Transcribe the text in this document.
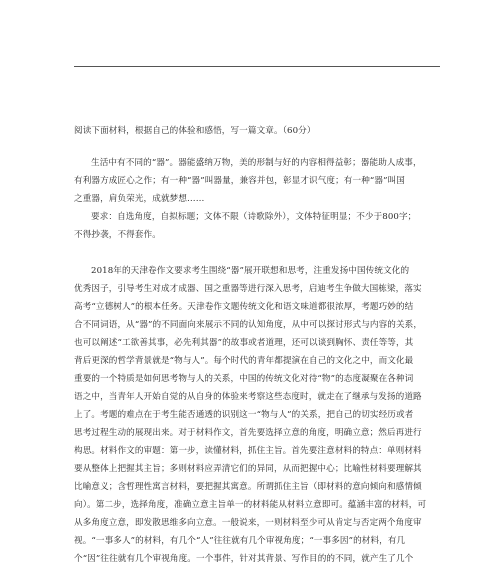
阅读下面材料，根据自己的体验和感悟，写一篇文章。（60分）
生活中有不同的“器”。器能盛纳万物，美的形制与好的内容相得益彰；器能助人成事，
有利器方成匠心之作；有一种“器”叫器量，兼容并包，彰显才识气度；有一种“器”叫国
之重器，肩负荣光，成就梦想……
要求：自选角度，自拟标题；文体不限（诗歌除外），文体特征明显；不少于800字；
不得抄袭，不得套作。
2018年的天津卷作文要求考生围绕“器”展开联想和思考，注重发扬中国传统文化的
优秀因子，引导考生对成才成器、国之重器等进行深入思考，启迪考生争做大国栋梁，落实
高考“立德树人”的根本任务。天津卷作文题传统文化和语文味道都很浓厚，考题巧妙的结
合不同词语，从“器”的不同面向来展示不同的认知角度，从中可以探讨形式与内容的关系，
也可以阐述“工欲善其事，必先利其器”的故事或者道理，还可以谈到胸怀、责任等等，其
背后更深的哲学背景就是“物与人”。每个时代的青年都提演在自己的文化之中，而文化最
重要的一个特质是如何思考物与人的关系，中国的传统文化对待“物”的态度凝聚在各种词
语之中，当青年人开始自觉的从自身的体验来考察这些态度时，就走在了继承与发扬的道路
上了。考题的难点在于考生能否通透的识别这一“物与人”的关系，把自己的切实经历或者
思考过程生动的展现出来。对于材料作文，首先要选择立意的角度，明确立意；然后再进行
构思。材料作文的审题：第一步，读懂材料，抓住主旨。首先要注意材料的特点：单则材料
要从整体上把握其主旨；多则材料应弄清它们的异同，从而把握中心；比喻性材料要理解其
比喻意义；含哲理性寓言材料，要把握其寓意。所谓抓住主旨（即材料的意向倾向和感情倾
向）。第二步，选择角度，准确立意主旨单一的材料能从材料立意即可。蕴涵丰富的材料，可
从多角度立意，即发散思维多向立意。一般说来，一则材料至少可从肯定与否定两个角度审
视。“一事多人”的材料，有几个“人”往往就有几个审视角度；“一事多因”的材料，有几
个“因”往往就有几个审视角度。一个事件，针对其背景、写作目的的不同，就产生了几个
